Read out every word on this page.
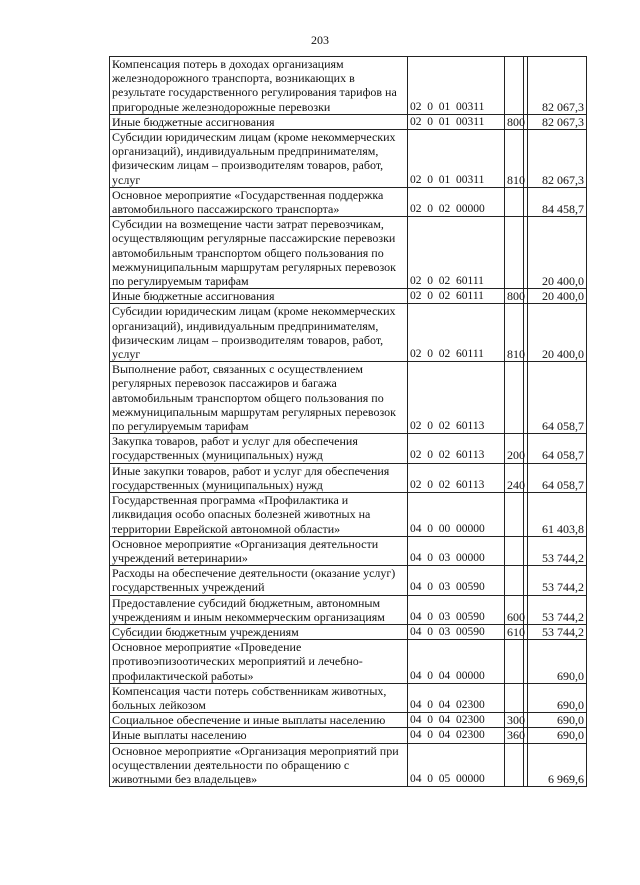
203
Компенсация потерь в доходах организациям железнодорожного транспорта, возникающих в результате государственного регулирования тарифов на пригородные железнодорожные перевозки	02  0  01  00311			82 067,3
Иные бюджетные ассигнования	02  0  01  00311	800		82 067,3
Субсидии юридическим лицам (кроме некоммерческих организаций), индивидуальным предпринимателям, физическим лицам – производителям товаров, работ, услуг	02  0  01  00311	810		82 067,3
Основное мероприятие «Государственная поддержка автомобильного пассажирского транспорта»	02  0  02  00000			84 458,7
Субсидии на возмещение части затрат перевозчикам, осуществляющим регулярные пассажирские перевозки автомобильным транспортом общего пользования по межмуниципальным маршрутам регулярных перевозок по регулируемым тарифам	02  0  02  60111			20 400,0
Иные бюджетные ассигнования	02  0  02  60111	800		20 400,0
Субсидии юридическим лицам (кроме некоммерческих организаций), индивидуальным предпринимателям, физическим лицам – производителям товаров, работ, услуг	02  0  02  60111	810		20 400,0
Выполнение работ, связанных с осуществлением регулярных перевозок пассажиров и багажа автомобильным транспортом общего пользования по межмуниципальным маршрутам регулярных перевозок по регулируемым тарифам	02  0  02  60113			64 058,7
Закупка товаров, работ и услуг для обеспечения государственных (муниципальных) нужд	02  0  02  60113	200		64 058,7
Иные закупки товаров, работ и услуг для обеспечения государственных (муниципальных) нужд	02  0  02  60113	240		64 058,7
Государственная программа «Профилактика и ликвидация особо опасных болезней животных на территории Еврейской автономной области»	04  0  00  00000			61 403,8
Основное мероприятие «Организация деятельности учреждений ветеринарии»	04  0  03  00000			53 744,2
Расходы на обеспечение деятельности (оказание услуг) государственных учреждений	04  0  03  00590			53 744,2
Предоставление субсидий бюджетным, автономным учреждениям и иным некоммерческим организациям	04  0  03  00590	600		53 744,2
Субсидии бюджетным учреждениям	04  0  03  00590	610		53 744,2
Основное мероприятие «Проведение противоэпизоотических мероприятий и лечебно-профилактической работы»	04  0  04  00000			690,0
Компенсация части потерь собственникам животных, больных лейкозом	04  0  04  02300			690,0
Социальное обеспечение и иные выплаты населению	04  0  04  02300	300		690,0
Иные выплаты населению	04  0  04  02300	360		690,0
Основное мероприятие «Организация мероприятий при осуществлении деятельности по обращению с животными без владельцев»	04  0  05  00000			6 969,6
